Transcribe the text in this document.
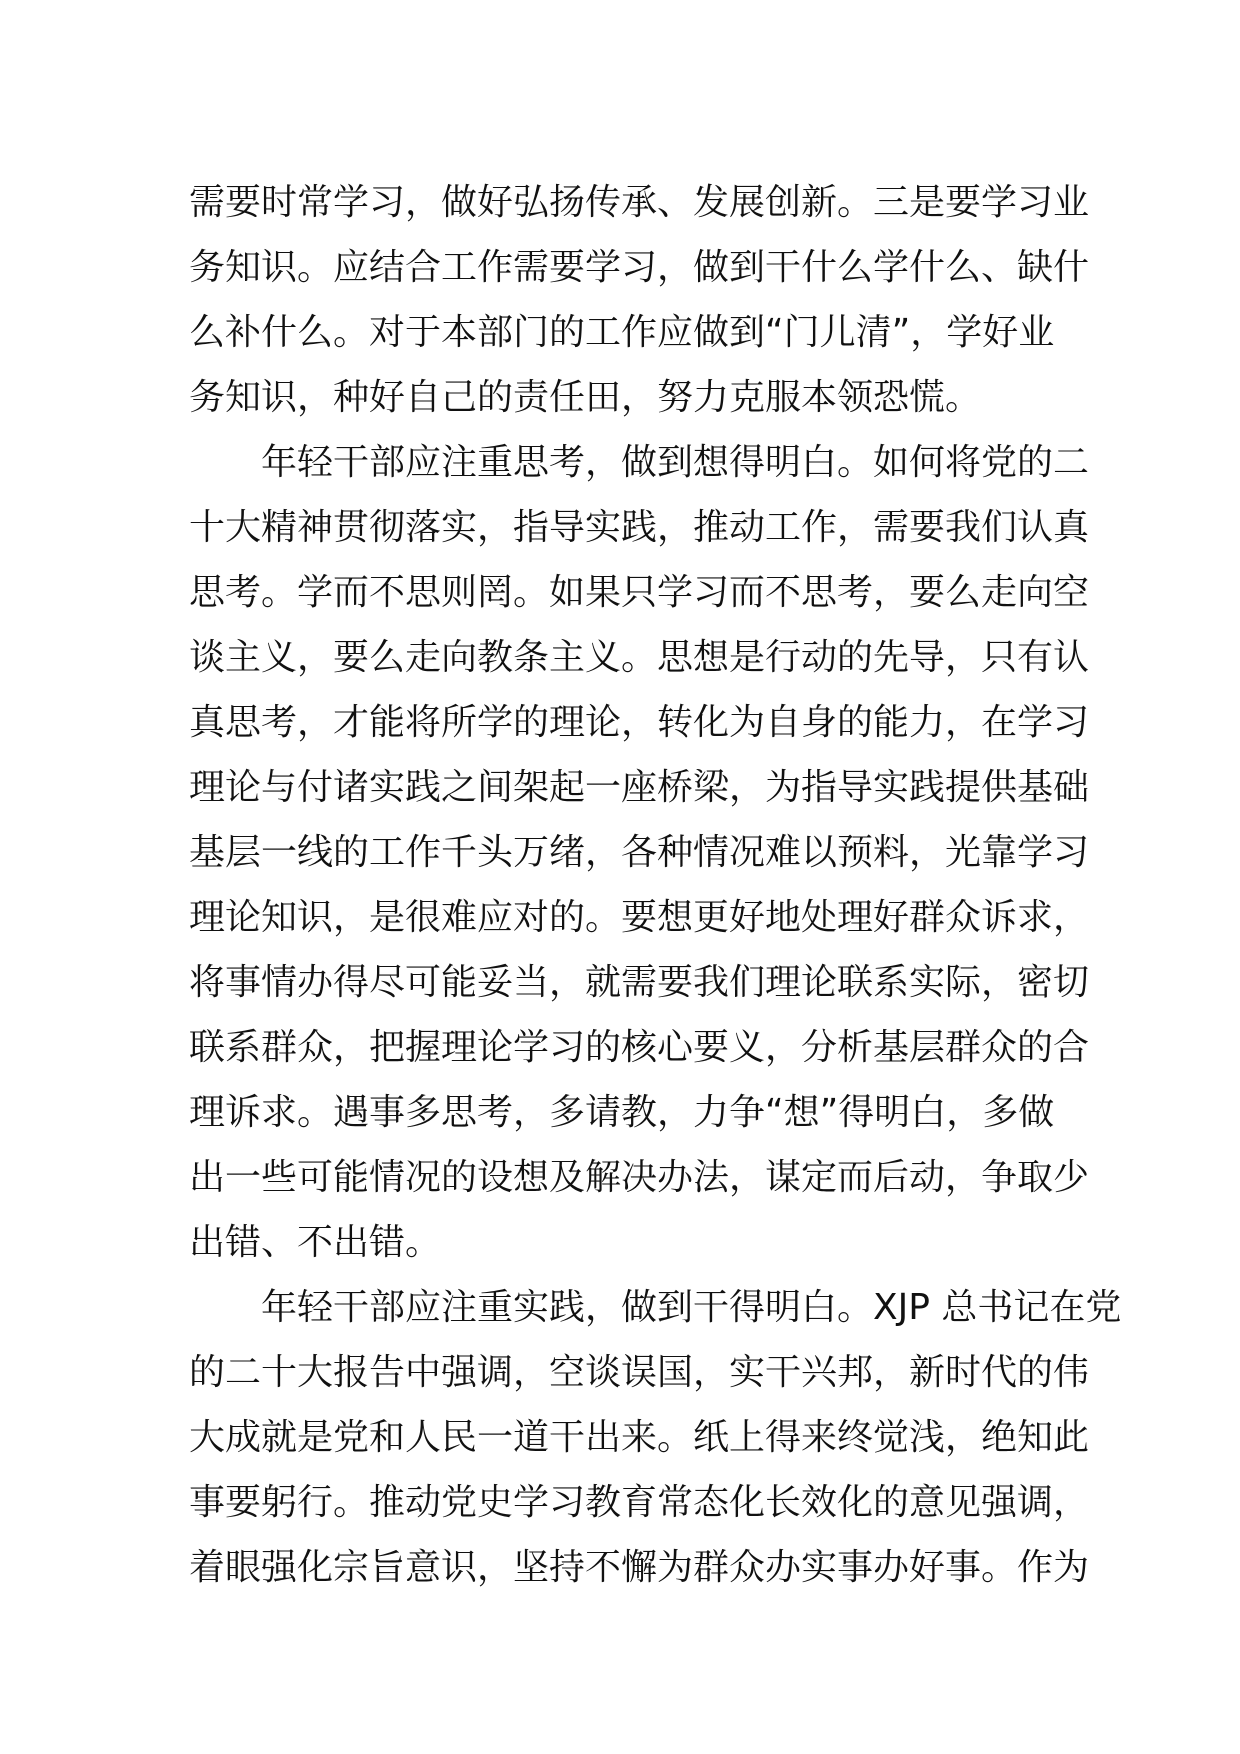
需要时常学习，做好弘扬传承、发展创新。三是要学习业
务知识。应结合工作需要学习，做到干什么学什么、缺什
么补什么。对于本部门的工作应做到“门儿清”，学好业
务知识，种好自己的责任田，努力克服本领恐慌。
年轻干部应注重思考，做到想得明白。如何将党的二
十大精神贯彻落实，指导实践，推动工作，需要我们认真
思考。学而不思则罔。如果只学习而不思考，要么走向空
谈主义，要么走向教条主义。思想是行动的先导，只有认
真思考，才能将所学的理论，转化为自身的能力，在学习
理论与付诸实践之间架起一座桥梁，为指导实践提供基础
基层一线的工作千头万绪，各种情况难以预料，光靠学习
理论知识，是很难应对的。要想更好地处理好群众诉求，
将事情办得尽可能妥当，就需要我们理论联系实际，密切
联系群众，把握理论学习的核心要义，分析基层群众的合
理诉求。遇事多思考，多请教，力争“想”得明白，多做
出一些可能情况的设想及解决办法，谋定而后动，争取少
出错、不出错。
年轻干部应注重实践，做到干得明白。XJP 总书记在党
的二十大报告中强调，空谈误国，实干兴邦，新时代的伟
大成就是党和人民一道干出来。纸上得来终觉浅，绝知此
事要躬行。推动党史学习教育常态化长效化的意见强调，
着眼强化宗旨意识，坚持不懈为群众办实事办好事。作为
